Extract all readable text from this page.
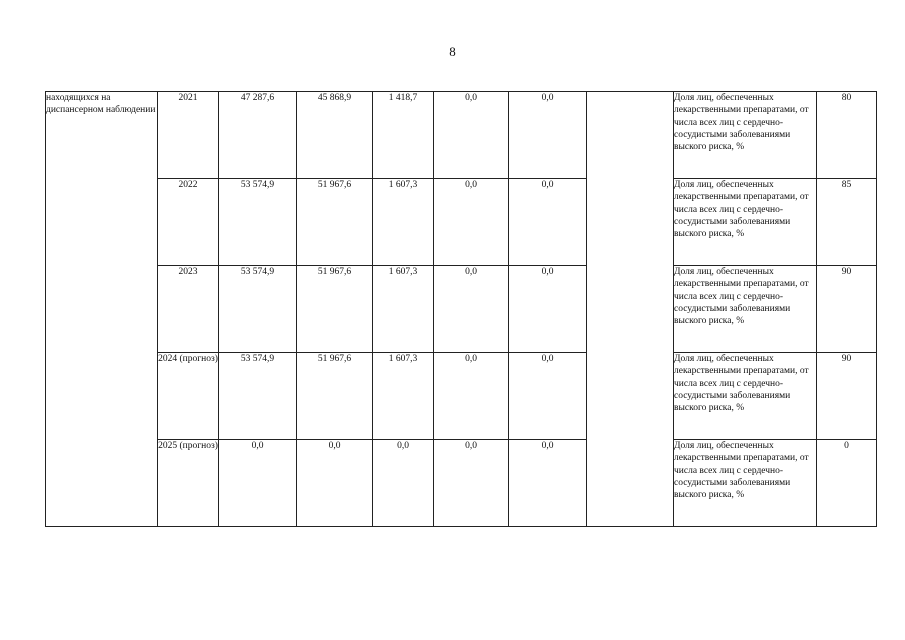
8
находящихся на диспансерном наблюдении	2021	47 287,6	45 868,9	1 418,7	0,0	0,0		Доля лиц, обеспеченных лекарственными препаратами, от числа всех лиц с сердечно-сосудистыми заболеваниями выского риска, %	80
	2022	53 574,9	51 967,6	1 607,3	0,0	0,0		Доля лиц, обеспеченных лекарственными препаратами, от числа всех лиц с сердечно-сосудистыми заболеваниями выского риска, %	85
	2023	53 574,9	51 967,6	1 607,3	0,0	0,0		Доля лиц, обеспеченных лекарственными препаратами, от числа всех лиц с сердечно-сосудистыми заболеваниями выского риска, %	90
	2024 (прогноз)	53 574,9	51 967,6	1 607,3	0,0	0,0		Доля лиц, обеспеченных лекарственными препаратами, от числа всех лиц с сердечно-сосудистыми заболеваниями выского риска, %	90
	2025 (прогноз)	0,0	0,0	0,0	0,0	0,0		Доля лиц, обеспеченных лекарственными препаратами, от числа всех лиц с сердечно-сосудистыми заболеваниями выского риска, %	0
